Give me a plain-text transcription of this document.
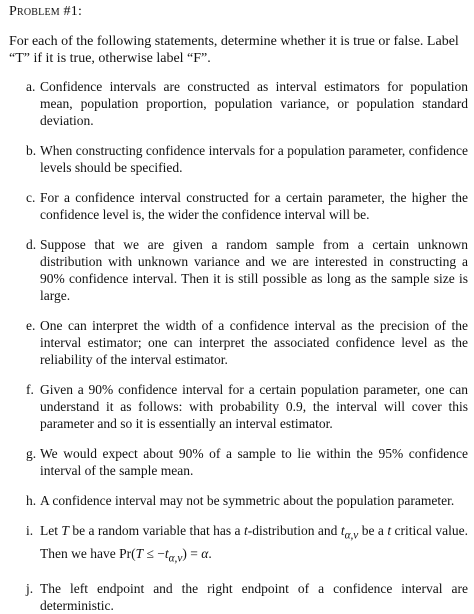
Problem #1:
For each of the following statements, determine whether it is true or false. Label “T” if it is true, otherwise label “F”.
a. Confidence intervals are constructed as interval estimators for population mean, population proportion, population variance, or population standard deviation.
b. When constructing confidence intervals for a population parameter, confidence levels should be specified.
c. For a confidence interval constructed for a certain parameter, the higher the confidence level is, the wider the confidence interval will be.
d. Suppose that we are given a random sample from a certain unknown distribution with unknown variance and we are interested in constructing a 90% confidence interval. Then it is still possible as long as the sample size is large.
e. One can interpret the width of a confidence interval as the precision of the interval estimator; one can interpret the associated confidence level as the reliability of the interval estimator.
f. Given a 90% confidence interval for a certain population parameter, one can understand it as follows: with probability 0.9, the interval will cover this parameter and so it is essentially an interval estimator.
g. We would expect about 90% of a sample to lie within the 95% confidence interval of the sample mean.
h. A confidence interval may not be symmetric about the population parameter.
i. Let T be a random variable that has a t-distribution and $t_{\alpha,\nu}$ be a t critical value. Then we have $Pr(T \le -t_{\alpha,\nu}) = \alpha$.
j. The left endpoint and the right endpoint of a confidence interval are deterministic.
